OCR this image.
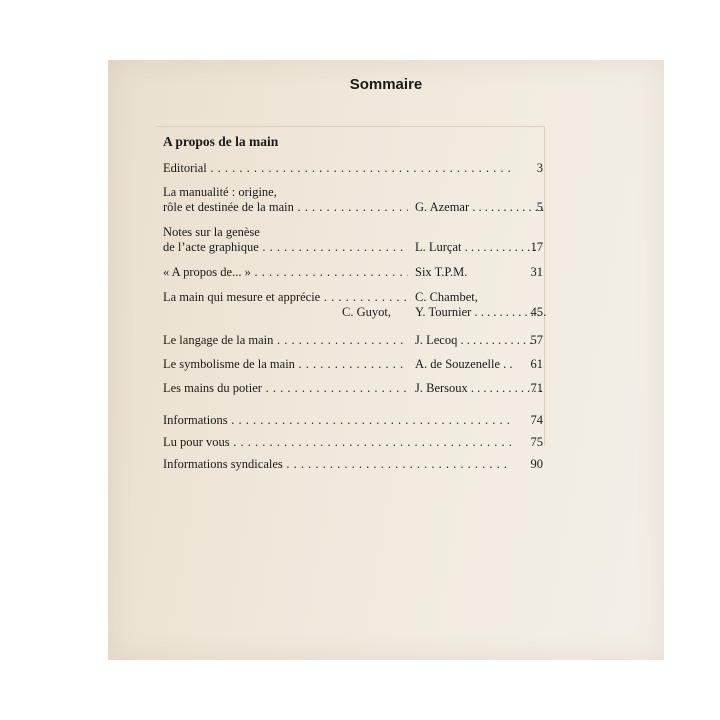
Sommaire
A propos de la main
Editorial . . .	3
La manualité : origine,
rôle et destinée de la main . . .	G. Azemar . . .	5
Notes sur la genèse
de l’acte graphique . . .	L. Lurçat . . .	17
« A propos de... » . . .	Six T.P.M.	31
La main qui mesure et apprécie . . .	C. Chambet,
C. Guyot, Y. Tournier . . .	45
Le langage de la main . . .	J. Lecoq . . .	57
Le symbolisme de la main . . .	A. de Souzenelle . . 61
Les mains du potier . . .	J. Bersoux . . .	71
Informations . . .	74
Lu pour vous . . .	75
Informations syndicales . . .	90
